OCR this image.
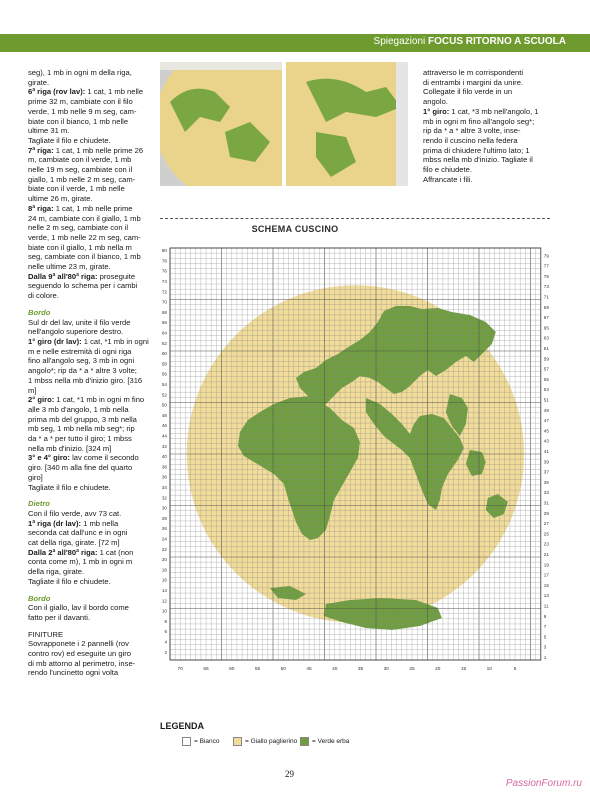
Spiegazioni FOCUS RITORNO A SCUOLA

seg), 1 mb in ogni m della riga,

girate.

6ª riga (rov lav): 1 cat, 1 mb nelle

prime 32 m, cambiate con il filo

verde, 1 mb nelle 9 m seg, cam-

biate con il bianco, 1 mb nelle

ultime 31 m.

Tagliate il filo e chiudete.

7ª riga: 1 cat, 1 mb nelle prime 26

m, cambiate con il verde, 1 mb

nelle 19 m seg, cambiate con il

giallo, 1 mb nelle 2 m seg, cam-

biate con il verde, 1 mb nelle

ultime 26 m, girate.

8ª riga: 1 cat, 1 mb nelle prime

24 m, cambiate con il giallo, 1 mb

nelle 2 m seg, cambiate con il

verde, 1 mb nelle 22 m seg, cam-

biate con il giallo, 1 mb nella m

seg, cambiate con il bianco, 1 mb

nelle ultime 23 m, girate.

Dalla 9ª all'80ª riga: proseguite

seguendo lo schema per i cambi

di colore.

Bordo

Sul dr del lav, unite il filo verde

nell'angolo superiore destro.

1° giro (dr lav): 1 cat, *1 mb in ogni

m e nelle estremità di ogni riga

fino all'angolo seg, 3 mb in ogni

angolo*; rip da * a * altre 3 volte;

1 mbss nella mb d'inizio giro. [316

m]

2° giro: 1 cat, *1 mb in ogni m fino

alle 3 mb d'angolo, 1 mb nella

prima mb del gruppo, 3 mb nella

mb seg, 1 mb nella mb seg*; rip

da * a * per tutto il giro; 1 mbss

nella mb d'inizio. [324 m]

3° e 4° giro: lav come il secondo

giro. [340 m alla fine del quarto

giro]

Tagliate il filo e chiudete.

Dietro

Con il filo verde, avv 73 cat.

1ª riga (dr lav): 1 mb nella

seconda cat dall'unc e in ogni

cat della riga, girate. [72 m]

Dalla 2ª all'80ª riga: 1 cat (non

conta come m), 1 mb in ogni m

della riga, girate.

Tagliate il filo e chiudete.

Bordo

Con il giallo, lav il bordo come

fatto per il davanti.

FINITURE

Sovrapponete i 2 pannelli (rov

contro rov) ed eseguite un giro

di mb attorno al perimetro, inse-

rendo l'uncinetto ogni volta

attraverso le m corrispondenti

di entrambi i margini da unire.

Collegate il filo verde in un

angolo.

1° giro: 1 cat, *3 mb nell'angolo, 1

mb in ogni m fino all'angolo seg*;

rip da * a * altre 3 volte, inse-

rendo il cuscino nella federa

prima di chiudere l'ultimo lato; 1

mbss nella mb d'inizio. Tagliate il

filo e chiudete.

Affrancate i fili.

SCHEMA CUSCINO
80
78
76
74
72
70
68
66
64
62
60
58
56
54
52
50
48
46
44
42
40
38
36
34
32
30
28
26
24
22
20
18
16
14
12
10
8
6
4
2
79
77
75
73
71
69
67
65
63
61
59
57
55
53
51
49
47
45
43
41
39
37
35
33
31
29
27
25
23
21
19
17
15
13
11
9
7
5
3
1
70	65	60	55	50	45	40	35	30	25	20	15	10	5
LEGENDA
= Bianco	= Giallo paglierino = Verde erba
29
PassionForum.ru
